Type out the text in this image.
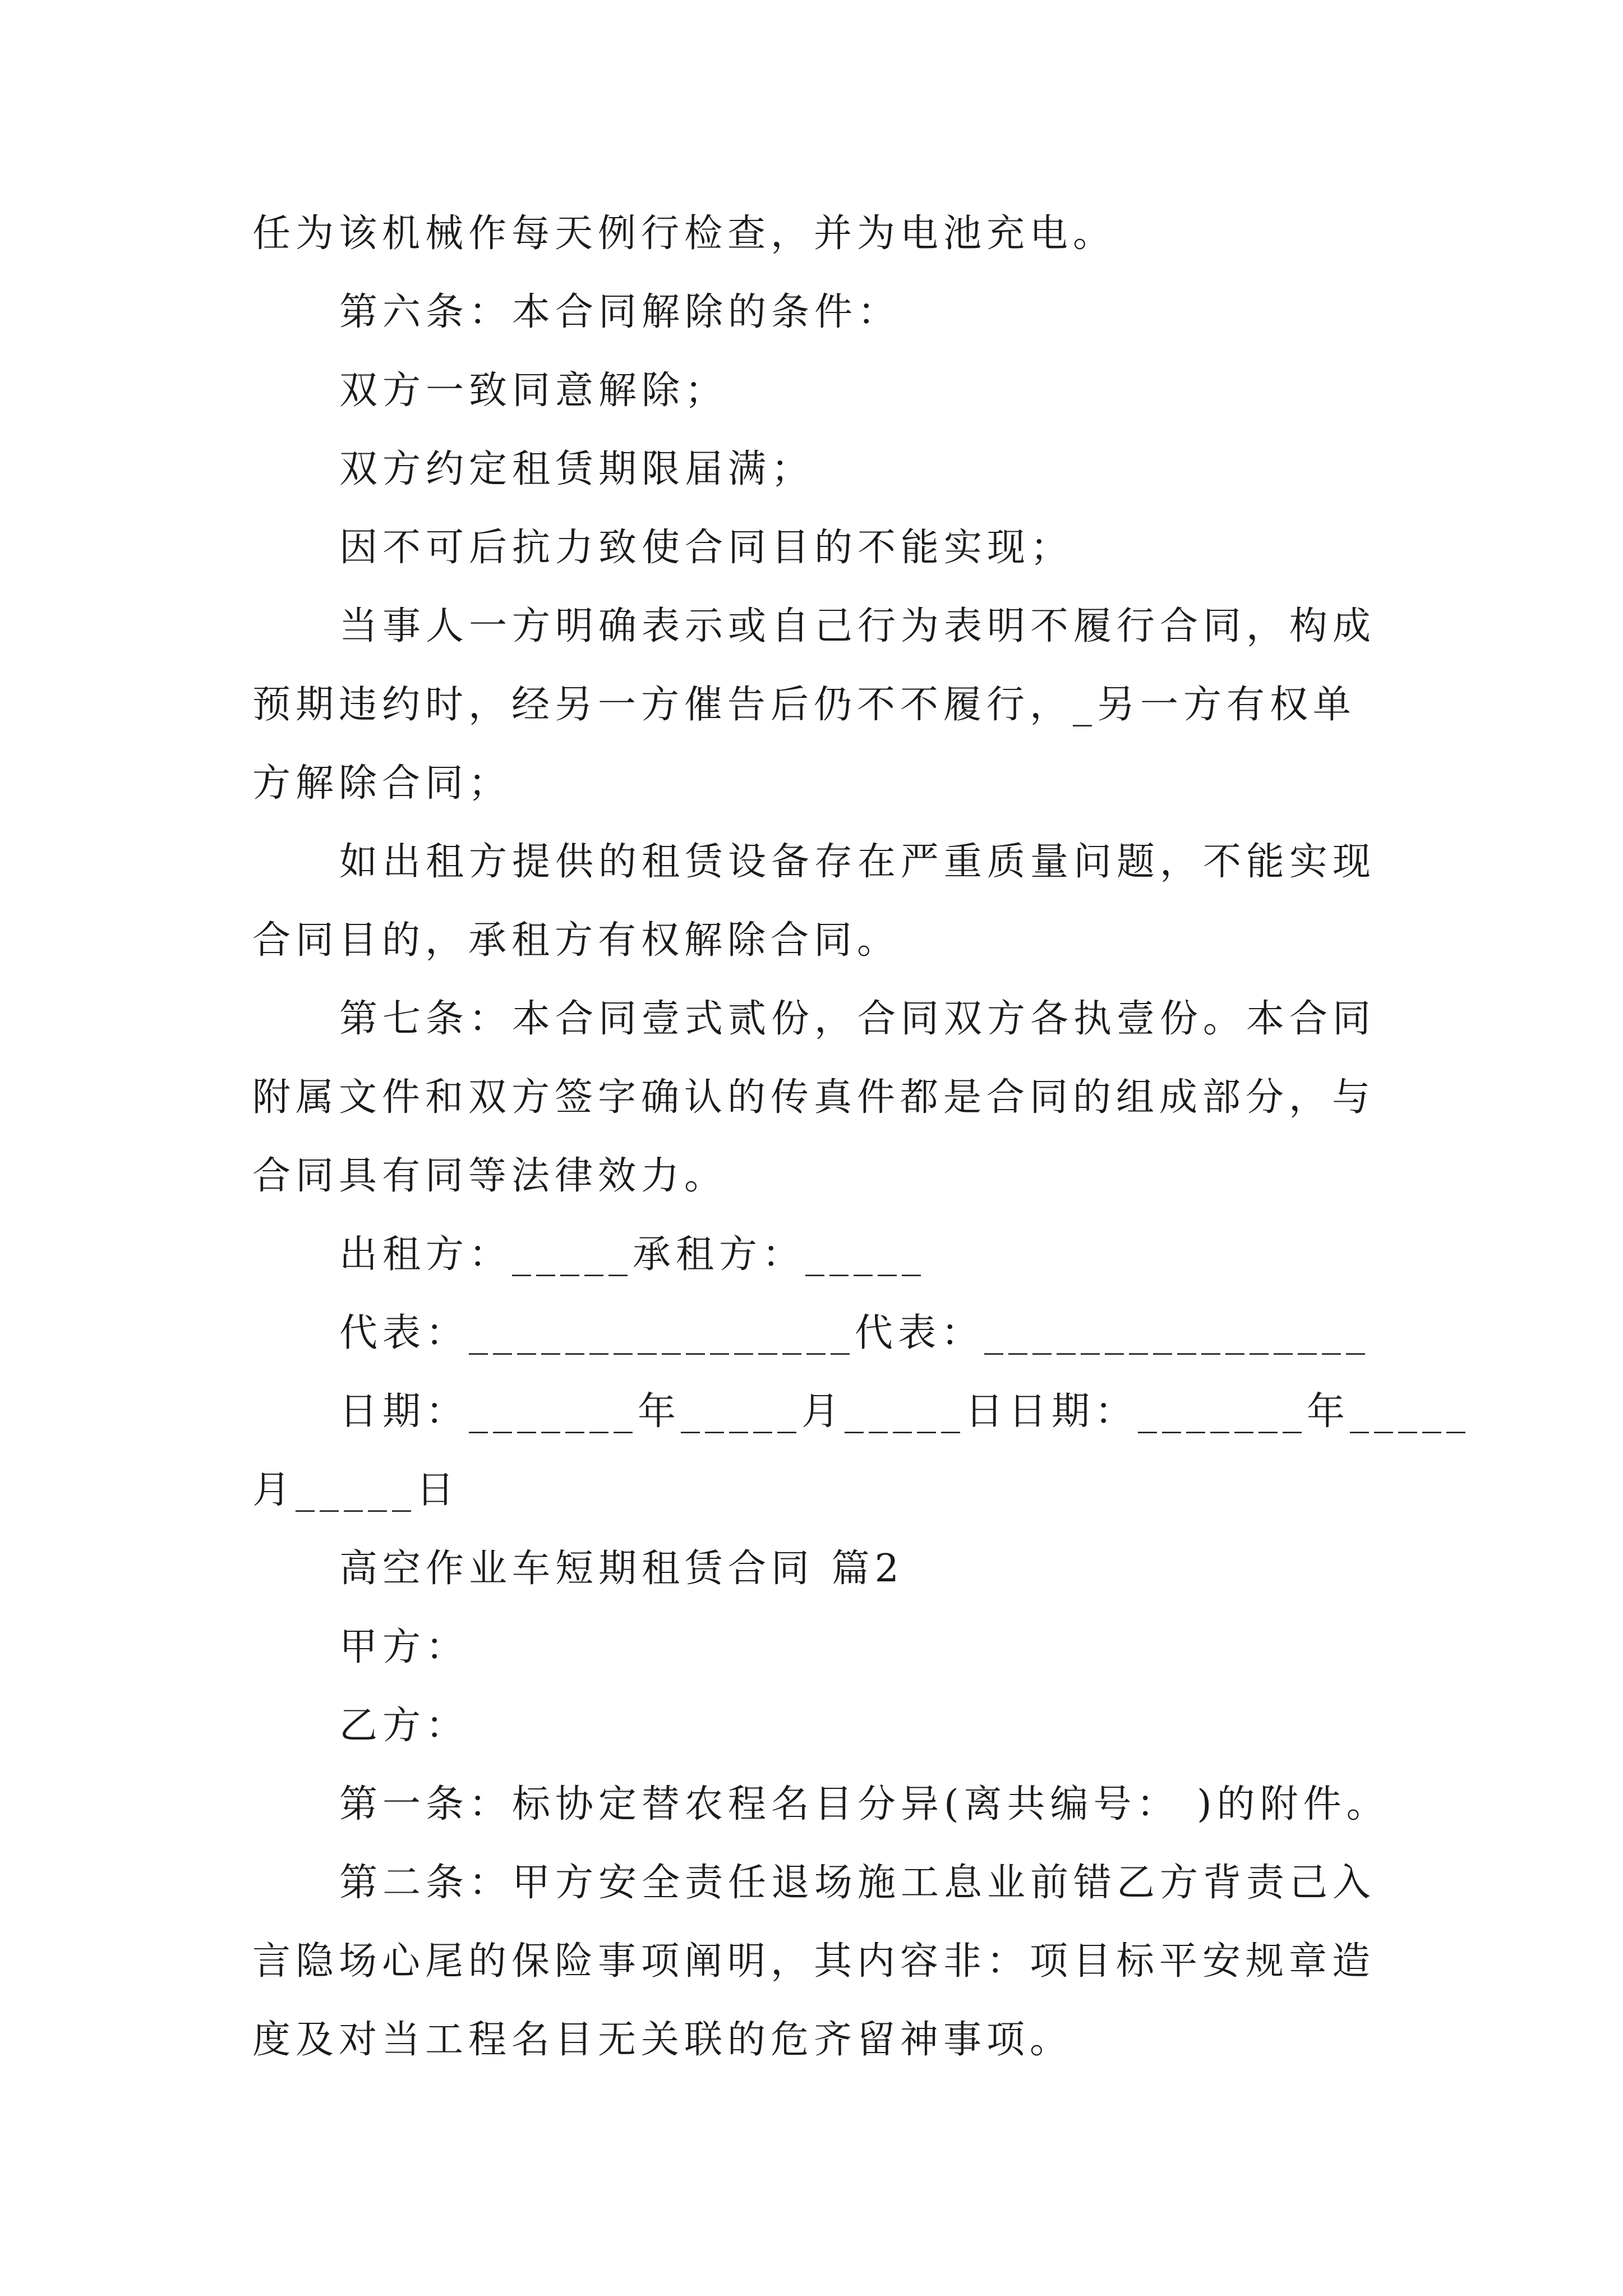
任为该机械作每天例行检查，并为电池充电。
第六条：本合同解除的条件：
双方一致同意解除；
双方约定租赁期限届满；
因不可后抗力致使合同目的不能实现；
当事人一方明确表示或自己行为表明不履行合同，构成
预期违约时，经另一方催告后仍不不履行，_另一方有权单
方解除合同；
如出租方提供的租赁设备存在严重质量问题，不能实现
合同目的，承租方有权解除合同。
第七条：本合同壹式贰份，合同双方各执壹份。本合同
附属文件和双方签字确认的传真件都是合同的组成部分，与
合同具有同等法律效力。
出租方：_____承租方：_____
代表：________________代表：________________
日期：_______年_____月_____日日期：_______年_____
月_____日
高空作业车短期租赁合同 篇2
甲方：
乙方：
第一条：标协定替农程名目分异(离共编号： )的附件。
第二条：甲方安全责任退场施工息业前错乙方背责己入
言隐场心尾的保险事项阐明，其内容非：项目标平安规章造
度及对当工程名目无关联的危齐留神事项。
